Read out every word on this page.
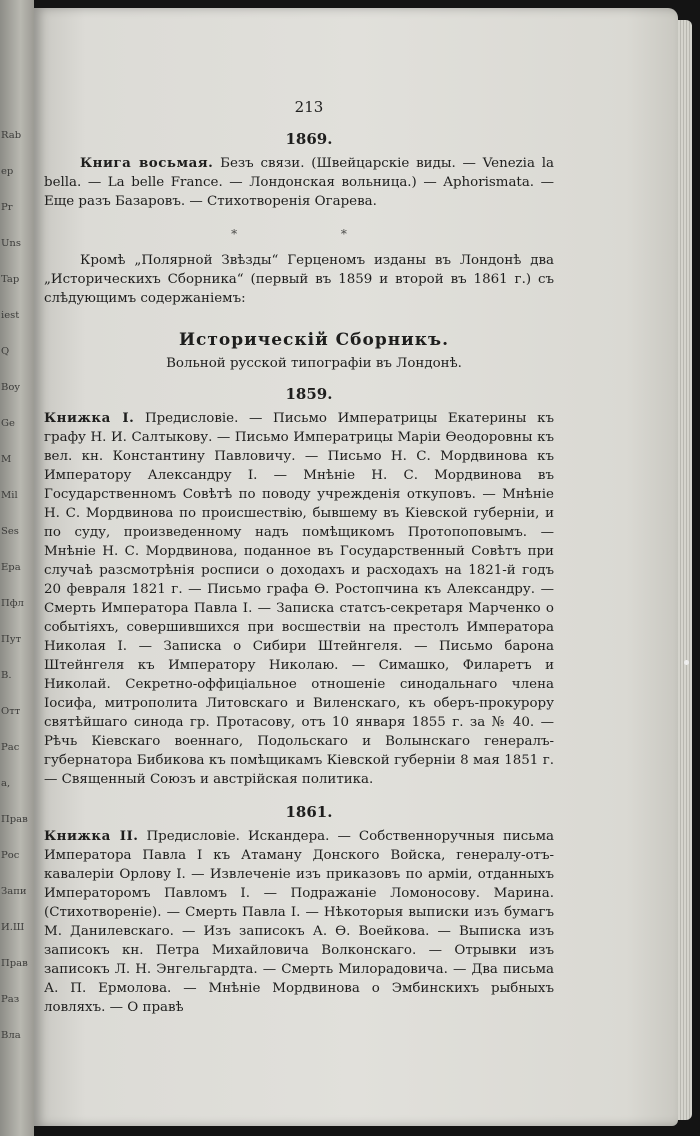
Rab
ep
Pr
Uns
Tap
iest
Q
Boy
Ge
M
Mil
Ses
Epa
Пфл
Пут
В.
Отт
Рас
a,
Прав
Рос
Запи
И.Ш
Прав
Раз
Вла
213
1869.

Книга восьмая. Безъ связи. (Швейцарскiе виды. — Venezia la bella. — La belle France. — Лондонская вольница.) — Aphorismata. — Еще разъ Базаровъ. — Стихотворенiя Огарева.

* *

Кромѣ „Полярной Звѣзды“ Герценомъ изданы въ Лондонѣ два „Историческихъ Сборника“ (первый въ 1859 и второй въ 1861 г.) съ слѣдующимъ содержанiемъ:

Историческiй Сборникъ.
Вольной русской типографiи въ Лондонѣ.
1859.

Книжка I. Предисловiе. — Письмо Императрицы Екатерины къ графу Н. И. Салтыкову. — Письмо Императрицы Марiи Өеодоровны къ вел. кн. Константину Павловичу. — Письмо Н. С. Мордвинова къ Императору Александру I. — Мнѣнiе Н. С. Мордвинова въ Государственномъ Совѣтѣ по поводу учрежденiя откуповъ. — Мнѣнiе Н. С. Мордвинова по происшествiю, бывшему въ Кiевской губернiи, и по суду, произведенному надъ помѣщикомъ Протопоповымъ. — Мнѣнiе Н. С. Мордвинова, поданное въ Государственный Совѣтъ при случаѣ разсмотрѣнiя росписи о доходахъ и расходахъ на 1821-й годъ 20 февраля 1821 г. — Письмо графа Ө. Ростопчина къ Александру. — Смерть Императора Павла I. — Записка статсъ-секретаря Марченко о событiяхъ, совершившихся при восшествiи на престолъ Императора Николая I. — Записка о Сибири Штейнгеля. — Письмо барона Штейнгеля къ Императору Николаю. — Симашко, Филаретъ и Николай. Секретно-оффицiальное отношенiе синодальнаго члена Iосифа, митрополита Литовскаго и Виленскаго, къ оберъ-прокурору святѣйшаго синода гр. Протасову, отъ 10 января 1855 г. за № 40. — Рѣчь Кiевскаго военнаго, Подольскаго и Волынскаго генералъ-губернатора Бибикова къ помѣщикамъ Кiевской губернiи 8 мая 1851 г. — Священный Союзъ и австрiйская политика.

1861.

Книжка II. Предисловiе. Искандера. — Собственноручныя письма Императора Павла I къ Атаману Донского Войска, генералу-отъ-кавалерiи Орлову I. — Извлеченiе изъ приказовъ по армiи, отданныхъ Императоромъ Павломъ I. — Подражанiе Ломоносову. Марина. (Стихотворенiе). — Смерть Павла I. — Нѣкоторыя выписки изъ бумагъ М. Данилевскаго. — Изъ записокъ А. Ө. Воейкова. — Выписка изъ записокъ кн. Петра Михайловича Волконскаго. — Отрывки изъ записокъ Л. Н. Энгельгардта. — Смерть Милорадовича. — Два письма А. П. Ермолова. — Мнѣнiе Мордвинова о Эмбинскихъ рыбныхъ ловляхъ. — О правѣ
